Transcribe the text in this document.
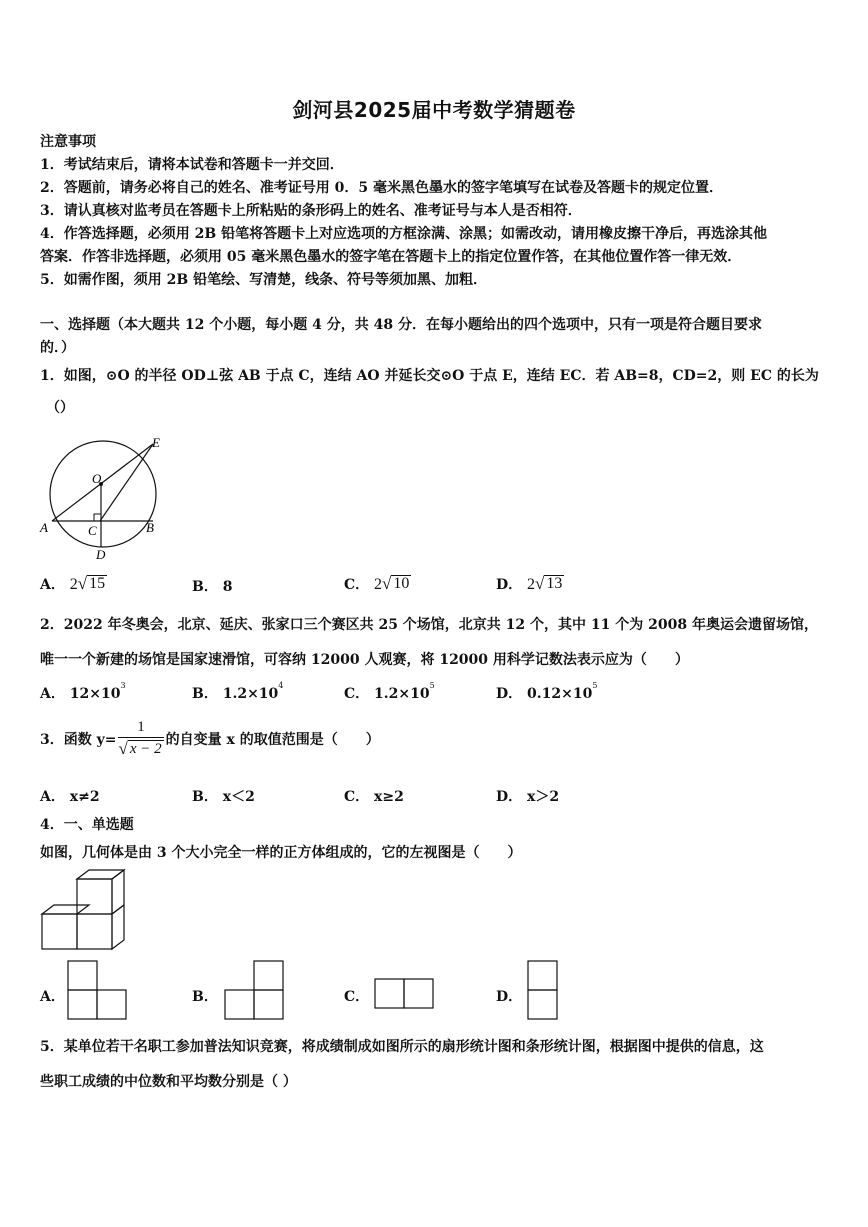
剑河县2025届中考数学猜题卷
注意事项
1．考试结束后，请将本试卷和答题卡一并交回．
2．答题前，请务必将自己的姓名、准考证号用 0．5 毫米黑色墨水的签字笔填写在试卷及答题卡的规定位置．
3．请认真核对监考员在答题卡上所粘贴的条形码上的姓名、准考证号与本人是否相符．
4．作答选择题，必须用 2B 铅笔将答题卡上对应选项的方框涂满、涂黑；如需改动，请用橡皮擦干净后，再选涂其他
答案．作答非选择题，必须用 05 毫米黑色墨水的签字笔在答题卡上的指定位置作答，在其他位置作答一律无效．
5．如需作图，须用 2B 铅笔绘、写清楚，线条、符号等须加黑、加粗．
一、选择题（本大题共 12 个小题，每小题 4 分，共 48 分．在每小题给出的四个选项中，只有一项是符合题目要求
的．）
1．如图，⊙O 的半径 OD⊥弦 AB 于点 C，连结 AO 并延长交⊙O 于点 E，连结 EC．若 AB=8，CD=2，则 EC 的长为
（）
O
E
A	C	B
D
A． 2 √ 15	B． 8	C． 2 √ 10	D． 2 √ 13
2．2022 年冬奥会，北京、延庆、张家口三个赛区共 25 个场馆，北京共 12 个，其中 11 个为 2008 年奥运会遗留场馆，
唯一一个新建的场馆是国家速滑馆，可容纳 12000 人观赛，将 12000 用科学记数法表示应为（　　）
A． $12\times 10^3$
B． $1.2\times 10^4$
C． $1.2\times 10^5$
D． $0.12\times 10^5$
3．函数 $y= \frac{1}{√ x - 2}$ 的自变量 x 的取值范围是（　　）
A． x≠2	B． x＜2	C． x≥2	D． x＞2
4．一、单选题
如图，几何体是由 3 个大小完全一样的正方体组成的，它的左视图是（　　）
A．	B．	C．	D．
5．某单位若干名职工参加普法知识竞赛，将成绩制成如图所示的扇形统计图和条形统计图，根据图中提供的信息，这
些职工成绩的中位数和平均数分别是（ ）
